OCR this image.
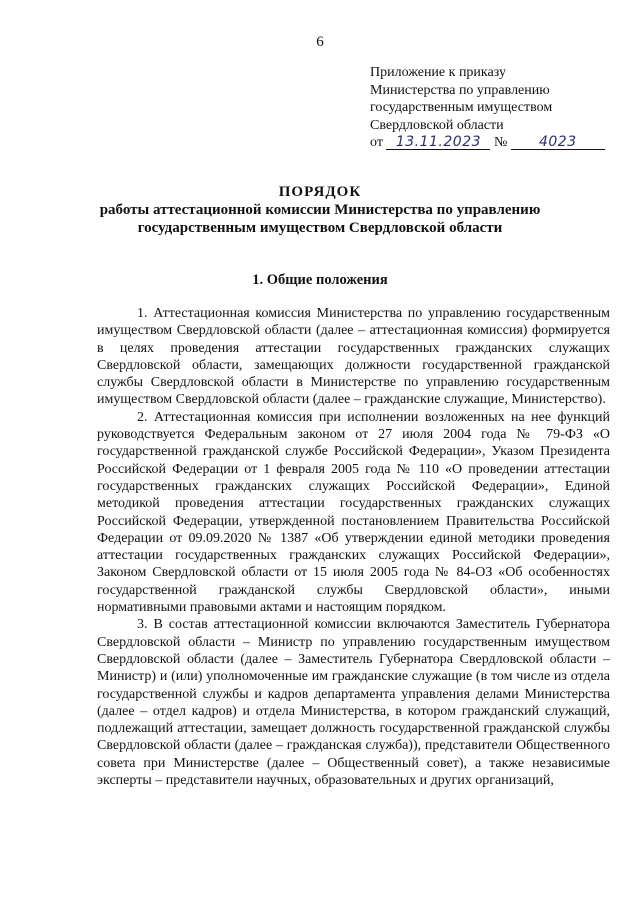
6
Приложение к приказу
Министерства по управлению
государственным имуществом
Свердловской области
от 13.11.2023 № 4023
ПОРЯДОК
работы аттестационной комиссии Министерства по управлению
государственным имуществом Свердловской области
1. Общие положения

1. Аттестационная комиссия Министерства по управлению государственным имуществом Свердловской области (далее – аттестационная комиссия) формируется в целях проведения аттестации государственных гражданских служащих Свердловской области, замещающих должности государственной гражданской службы Свердловской области в Министерстве по управлению государственным имуществом Свердловской области (далее – гражданские служащие, Министерство).

2. Аттестационная комиссия при исполнении возложенных на нее функций руководствуется Федеральным законом от 27 июля 2004 года № 79-ФЗ «О государственной гражданской службе Российской Федерации», Указом Президента Российской Федерации от 1 февраля 2005 года № 110 «О проведении аттестации государственных гражданских служащих Российской Федерации», Единой методикой проведения аттестации государственных гражданских служащих Российской Федерации, утвержденной постановлением Правительства Российской Федерации от 09.09.2020 № 1387 «Об утверждении единой методики проведения аттестации государственных гражданских служащих Российской Федерации», Законом Свердловской области от 15 июля 2005 года № 84-ОЗ «Об особенностях государственной гражданской службы Свердловской области», иными нормативными правовыми актами и настоящим порядком.

3. В состав аттестационной комиссии включаются Заместитель Губернатора Свердловской области – Министр по управлению государственным имуществом Свердловской области (далее – Заместитель Губернатора Свердловской области – Министр) и (или) уполномоченные им гражданские служащие (в том числе из отдела государственной службы и кадров департамента управления делами Министерства (далее – отдел кадров) и отдела Министерства, в котором гражданский служащий, подлежащий аттестации, замещает должность государственной гражданской службы Свердловской области (далее – гражданская служба)), представители Общественного совета при Министерстве (далее – Общественный совет), а также независимые эксперты – представители научных, образовательных и других организаций,
